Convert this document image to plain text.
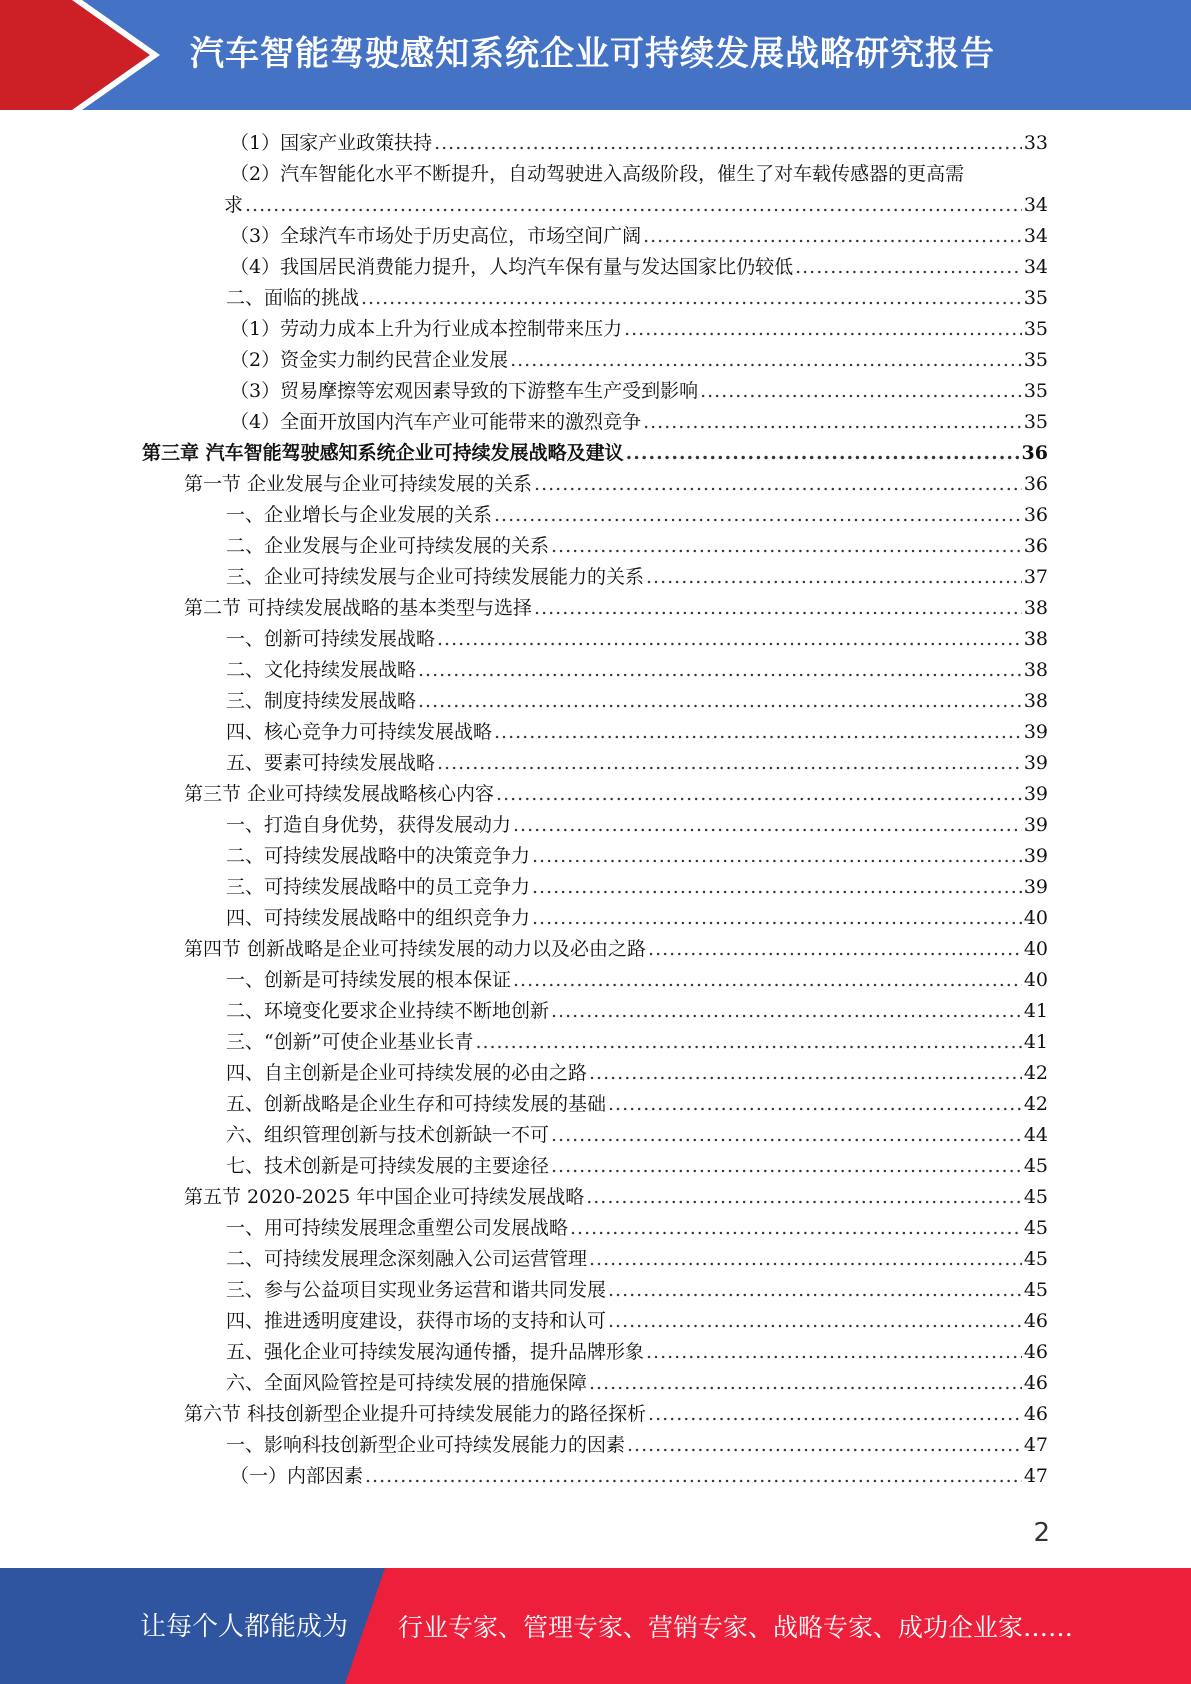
汽车智能驾驶感知系统企业可持续发展战略研究报告
（1）国家产业政策扶持 .....	33
（2）汽车智能化水平不断提升，自动驾驶进入高级阶段，催生了对车载传感器的更高需
求 .....	34
（3）全球汽车市场处于历史高位，市场空间广阔 .....	34
（4）我国居民消费能力提升，人均汽车保有量与发达国家比仍较低 .....	34
二、面临的挑战 .....	35
（1）劳动力成本上升为行业成本控制带来压力 .....	35
（2）资金实力制约民营企业发展 .....	35
（3）贸易摩擦等宏观因素导致的下游整车生产受到影响 .....	35
（4）全面开放国内汽车产业可能带来的激烈竞争 .....	35
第三章 汽车智能驾驶感知系统企业可持续发展战略及建议 .....	36
第一节 企业发展与企业可持续发展的关系 .....	36
一、企业增长与企业发展的关系 .....	36
二、企业发展与企业可持续发展的关系 .....	36
三、企业可持续发展与企业可持续发展能力的关系 .....	37
第二节 可持续发展战略的基本类型与选择 .....	38
一、创新可持续发展战略 .....	38
二、文化持续发展战略 .....	38
三、制度持续发展战略 .....	38
四、核心竞争力可持续发展战略 .....	39
五、要素可持续发展战略 .....	39
第三节 企业可持续发展战略核心内容 .....	39
一、打造自身优势，获得发展动力 .....	39
二、可持续发展战略中的决策竞争力 .....	39
三、可持续发展战略中的员工竞争力 .....	39
四、可持续发展战略中的组织竞争力 .....	40
第四节 创新战略是企业可持续发展的动力以及必由之路 .....	40
一、创新是可持续发展的根本保证 .....	40
二、环境变化要求企业持续不断地创新 .....	41
三、“创新”可使企业基业长青 .....	41
四、自主创新是企业可持续发展的必由之路 .....	42
五、创新战略是企业生存和可持续发展的基础 .....	42
六、组织管理创新与技术创新缺一不可 .....	44
七、技术创新是可持续发展的主要途径 .....	45
第五节 2020-2025 年中国企业可持续发展战略 .....	45
一、用可持续发展理念重塑公司发展战略 .....	45
二、可持续发展理念深刻融入公司运营管理 .....	45
三、参与公益项目实现业务运营和谐共同发展 .....	45
四、推进透明度建设，获得市场的支持和认可 .....	46
五、强化企业可持续发展沟通传播，提升品牌形象 .....	46
六、全面风险管控是可持续发展的措施保障 .....	46
第六节 科技创新型企业提升可持续发展能力的路径探析 .....	46
一、影响科技创新型企业可持续发展能力的因素 .....	47
（一）内部因素 .....	47
2
让每个人都能成为 行业专家、管理专家、营销专家、战略专家、成功企业家……
